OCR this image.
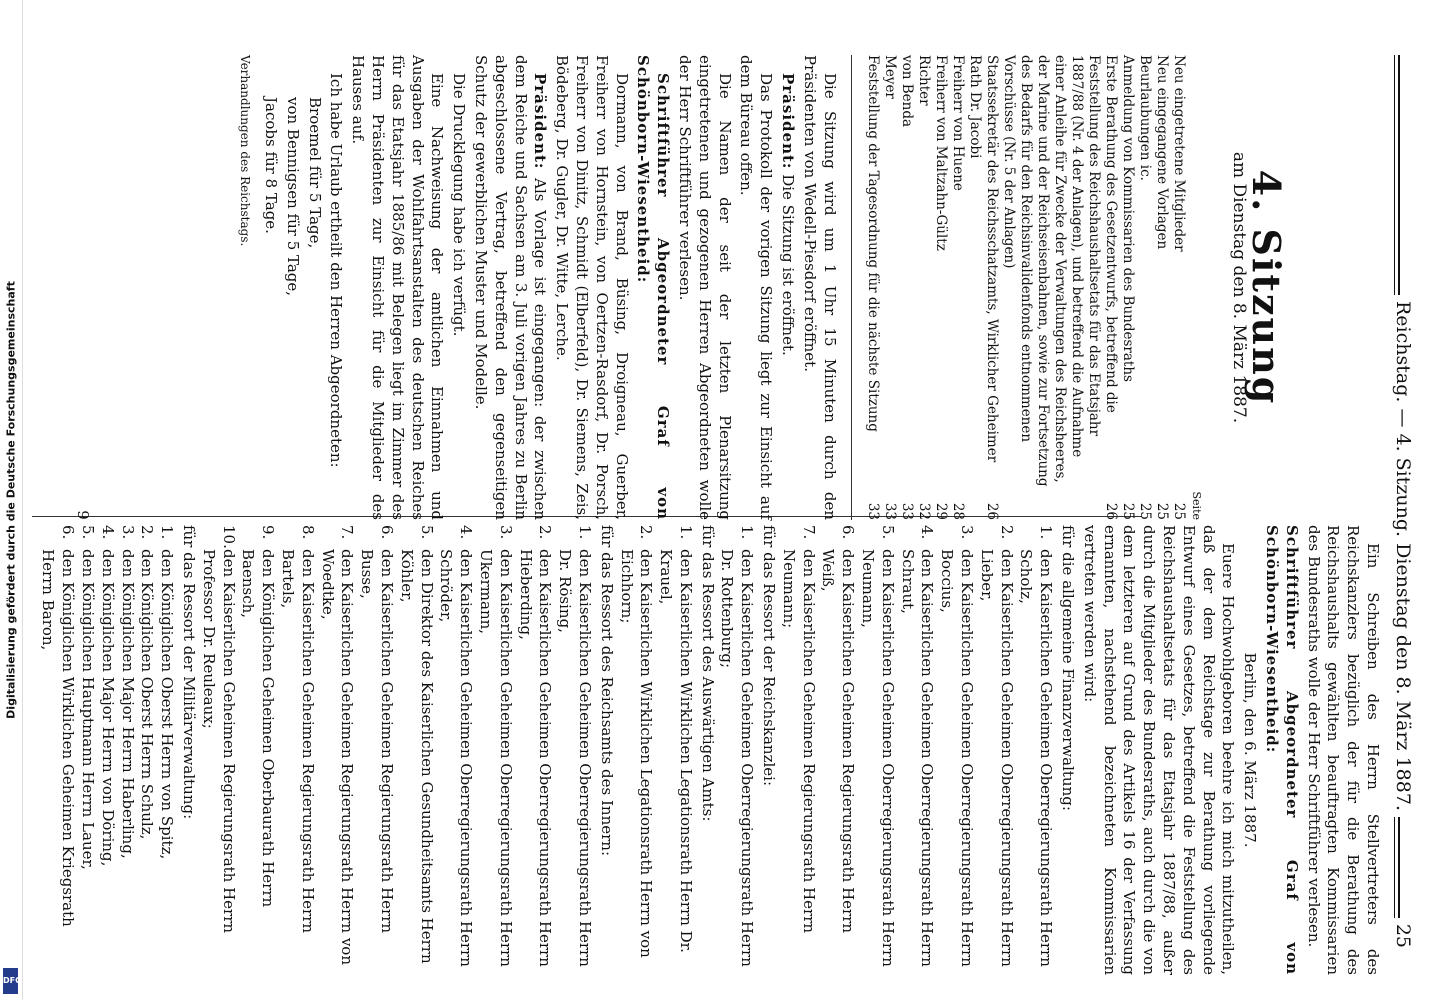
Digitalisierung gefördert durch die Deutsche Forschungsgemeinschaft
DFG
Reichstag. — 4. Sitzung. Dienstag den 8. März 1887.
25
4. Sitzung
am Dienstag den 8. März 1887.
Seite
Neu eingetretene Mitglieder
25
Neu eingegangene Vorlagen
25
Beurlaubungen ic.
25
Anmeldung von Kommissarien des Bundesraths
25
Erste Berathung des Gesetzentwurfs, betreffend die Feststellung des Reichshaushaltsetats für das Etatsjahr 1887/88 (Nr. 4 der Anlagen), und betreffend die Aufnahme einer Anleihe für Zwecke der Verwaltungen des Reichsheeres, der Marine und der Reichseisenbahnen, sowie zur Fortsetzung des Bedarfs für den Reichsinvalidenfonds entnommenen Vorschüsse (Nr. 5 der Anlagen)
26
Staatssekretär des Reichsschatzamts, Wirklicher Geheimer Rath Dr. Jacobi
26
Freiherr von Huene
28
Freiherr von Maltzahn-Gültz
29
Richter
32
von Benda
33
Meyer
33
Feststellung der Tagesordnung für die nächste Sitzung
33

Die Sitzung wird um 1 Uhr 15 Minuten durch den Präsidenten von Wedell-Piesdorf eröffnet.

Präsident: Die Sitzung ist eröffnet.

Das Protokoll der vorigen Sitzung liegt zur Einsicht auf dem Büreau offen.

Die Namen der seit der letzten Plenarsitzung eingetretenen und gezogenen Herren Abgeordneten wolle der Herr Schriftführer verlesen.

Schriftführer Abgeordneter Graf von Schönborn-Wiesentheid:

Dormann, von Brand, Büsing, Droigneau, Guerber, Freiherr von Hornstein, von Oertzen-Rasdorf, Dr. Porsch, Freiherr von Dinitz, Schmidt (Elberfeld), Dr. Siemens, Zeis, Bödeberg, Dr. Gugler, Dr. Witte, Lerche.

Präsident: Als Vorlage ist eingegangen: der zwischen dem Reiche und Sachsen am 3. Juli vorigen Jahres zu Berlin abgeschlossene Vertrag, betreffend den gegenseitigen Schutz der gewerblichen Muster und Modelle.

Die Drucklegung habe ich verfügt.

Eine Nachweisung der amtlichen Einnahmen und Ausgaben der Wohlfahrtsanstalten des deutschen Reiches für das Etatsjahr 1885/86 mit Belegen liegt im Zimmer des Herrn Präsidenten zur Einsicht für die Mitglieder des Hauses auf.

Ich habe Urlaub ertheilt den Herren Abgeordneten:

Broemel für 5 Tage,

von Bennigsen für 5 Tage,

Jacobs für 8 Tage.

Verhandlungen des Reichstags.

Ein Schreiben des Herrn Stellvertreters des Reichskanzlers bezüglich der für die Berathung des Reichshaushalts gewählten beauftragten Kommissarien des Bundesraths wolle der Herr Schriftführer verlesen.

Schriftführer Abgeordneter Graf von Schönborn-Wiesentheid:

Berlin, den 6. März 1887.

Euere Hochwohlgeboren beehre ich mich mitzutheilen, daß der dem Reichstage zur Berathung vorliegende Entwurf eines Gesetzes, betreffend die Feststellung des Reichshaushaltsetats für das Etatsjahr 1887/88, außer durch die Mitglieder des Bundesraths, auch durch die von dem letzteren auf Grund des Artikels 16 der Verfassung ernannten, nachstehend bezeichneten Kommissarien vertreten werden wird:

für die allgemeine Finanzverwaltung:

1.
den Kaiserlichen Geheimen Oberregierungsrath Herrn Scholz,
2.
den Kaiserlichen Geheimen Oberregierungsrath Herrn Lieber,
3.
den Kaiserlichen Geheimen Oberregierungsrath Herrn Boccius,
4.
den Kaiserlichen Geheimen Oberregierungsrath Herrn Schraut,
5.
den Kaiserlichen Geheimen Oberregierungsrath Herrn Neumann,
6.
den Kaiserlichen Geheimen Regierungsrath Herrn Weiß,
7.
den Kaiserlichen Geheimen Regierungsrath Herrn Neumann;

für das Ressort der Reichskanzlei:

1.
den Kaiserlichen Geheimen Oberregierungsrath Herrn Dr. Rottenburg;

für das Ressort des Auswärtigen Amts:

1.
den Kaiserlichen Wirklichen Legationsrath Herrn Dr. Krauel,
2.
den Kaiserlichen Wirklichen Legationsrath Herrn von Eichhorn;

für das Ressort des Reichsamts des Innern:

1.
den Kaiserlichen Geheimen Oberregierungsrath Herrn Dr. Rösing,
2.
den Kaiserlichen Geheimen Oberregierungsrath Herrn Hieberding,
3.
den Kaiserlichen Geheimen Oberregierungsrath Herrn Ukermann,
4.
den Kaiserlichen Geheimen Oberregierungsrath Herrn Schröder,
5.
den Direktor des Kaiserlichen Gesundheitsamts Herrn Köhler,
6.
den Kaiserlichen Geheimen Regierungsrath Herrn Busse,
7.
den Kaiserlichen Geheimen Regierungsrath Herrn von Woedtke,
8.
den Kaiserlichen Geheimen Regierungsrath Herrn Bartels,
9.
den Königlichen Geheimen Oberbaurath Herrn Baensch,
10.
den Kaiserlichen Geheimen Regierungsrath Herrn Professor Dr. Reuleaux;

für das Ressort der Militärverwaltung:

1.
den Königlichen Oberst Herrn von Spitz,
2.
den Königlichen Oberst Herrn Schulz,
3.
den Königlichen Major Herrn Haberling,
4.
den Königlichen Major Herrn von Döring,
5.
den Königlichen Hauptmann Herrn Lauer,
6.
den Königlichen Wirklichen Geheimen Kriegsrath Herrn Baron,
9
